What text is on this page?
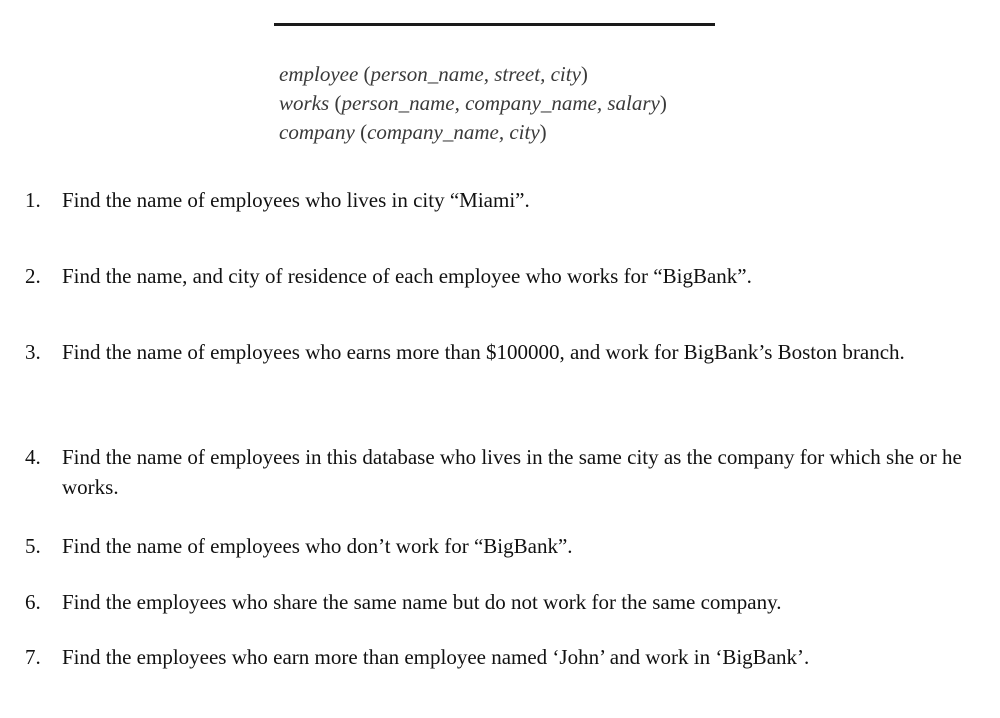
employee (person_name, street, city)
works (person_name, company_name, salary)
company (company_name, city)
1.	Find the name of employees who lives in city “Miami”.
2.	Find the name, and city of residence of each employee who works for “BigBank”.
3.	Find the name of employees who earns more than $100000, and work for BigBank’s Boston branch.
4.	Find the name of employees in this database who lives in the same city as the company for which she or he works.
5.	Find the name of employees who don’t work for “BigBank”.
6.	Find the employees who share the same name but do not work for the same company.
7.	Find the employees who earn more than employee named ‘John’ and work in ‘BigBank’.
